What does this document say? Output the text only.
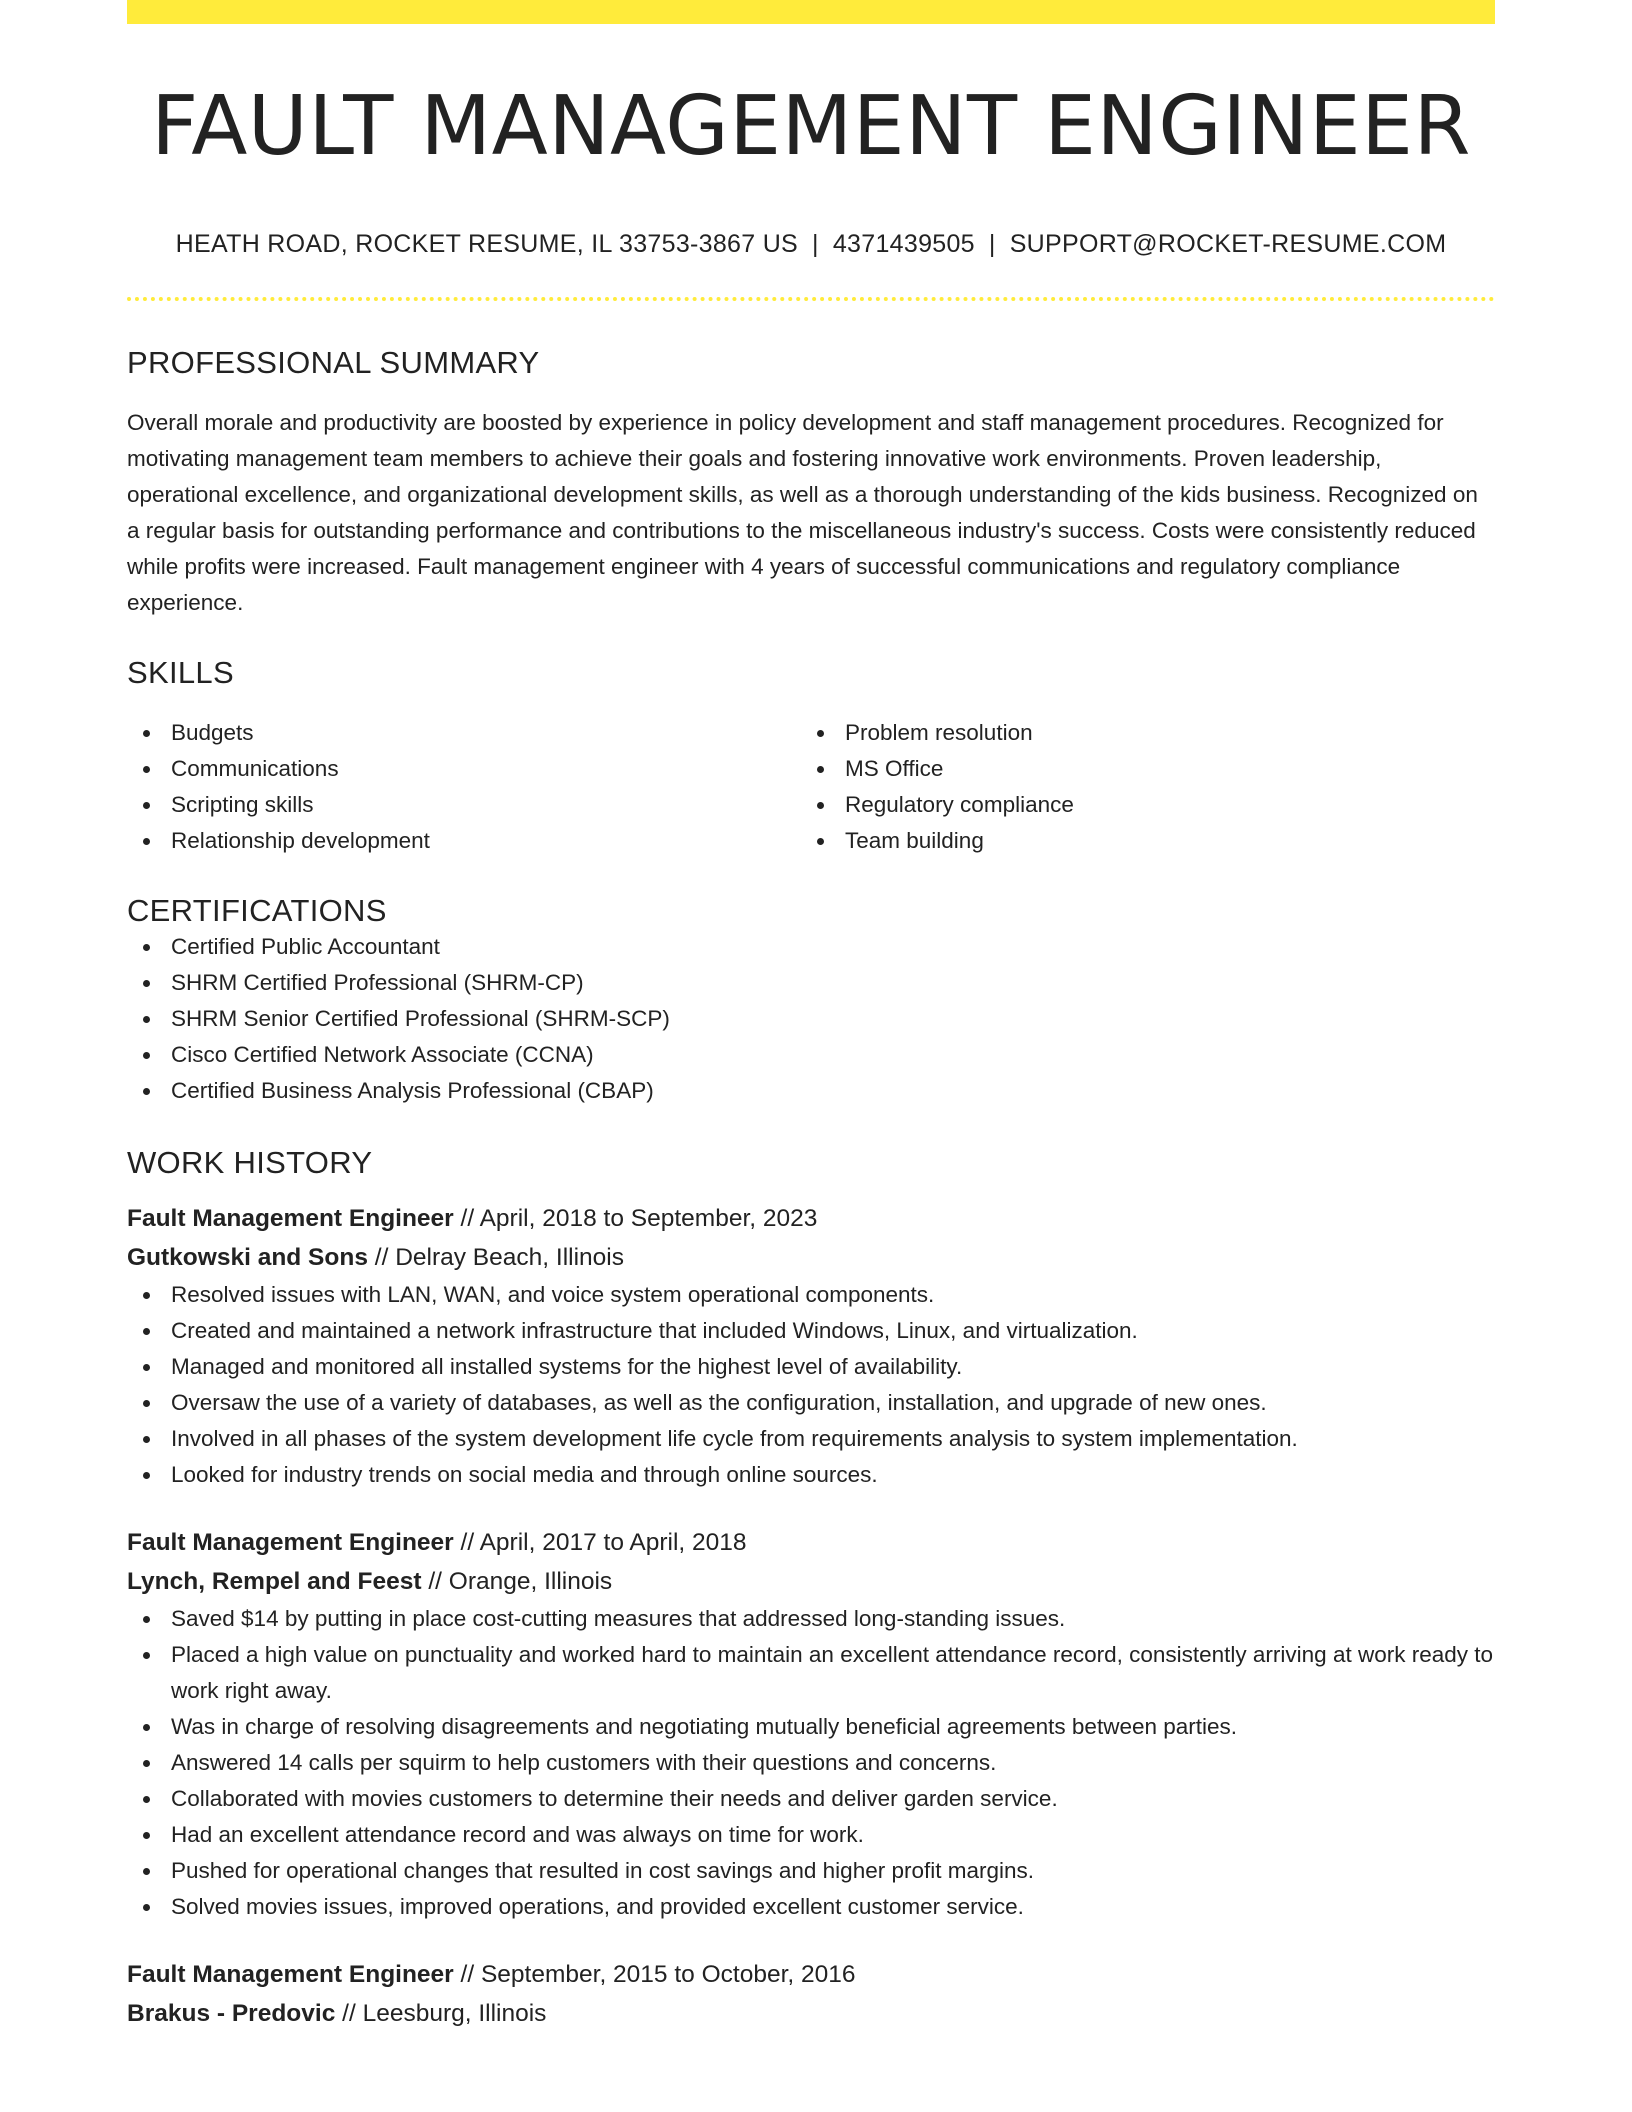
FAULT MANAGEMENT ENGINEER
HEATH ROAD, ROCKET RESUME, IL 33753-3867 US | 4371439505 | SUPPORT@ROCKET-RESUME.COM
PROFESSIONAL SUMMARY
Overall morale and productivity are boosted by experience in policy development and staff management procedures. Recognized for motivating management team members to achieve their goals and fostering innovative work environments. Proven leadership, operational excellence, and organizational development skills, as well as a thorough understanding of the kids business. Recognized on a regular basis for outstanding performance and contributions to the miscellaneous industry's success. Costs were consistently reduced while profits were increased. Fault management engineer with 4 years of successful communications and regulatory compliance experience.
SKILLS
Budgets
Communications
Scripting skills
Relationship development
Problem resolution
MS Office
Regulatory compliance
Team building
CERTIFICATIONS
Certified Public Accountant
SHRM Certified Professional (SHRM-CP)
SHRM Senior Certified Professional (SHRM-SCP)
Cisco Certified Network Associate (CCNA)
Certified Business Analysis Professional (CBAP)
WORK HISTORY
Fault Management Engineer // April, 2018 to September, 2023
Gutkowski and Sons // Delray Beach, Illinois
Resolved issues with LAN, WAN, and voice system operational components.
Created and maintained a network infrastructure that included Windows, Linux, and virtualization.
Managed and monitored all installed systems for the highest level of availability.
Oversaw the use of a variety of databases, as well as the configuration, installation, and upgrade of new ones.
Involved in all phases of the system development life cycle from requirements analysis to system implementation.
Looked for industry trends on social media and through online sources.
Fault Management Engineer // April, 2017 to April, 2018
Lynch, Rempel and Feest // Orange, Illinois
Saved $14 by putting in place cost-cutting measures that addressed long-standing issues.
Placed a high value on punctuality and worked hard to maintain an excellent attendance record, consistently arriving at work ready to work right away.
Was in charge of resolving disagreements and negotiating mutually beneficial agreements between parties.
Answered 14 calls per squirm to help customers with their questions and concerns.
Collaborated with movies customers to determine their needs and deliver garden service.
Had an excellent attendance record and was always on time for work.
Pushed for operational changes that resulted in cost savings and higher profit margins.
Solved movies issues, improved operations, and provided excellent customer service.
Fault Management Engineer // September, 2015 to October, 2016
Brakus - Predovic // Leesburg, Illinois
